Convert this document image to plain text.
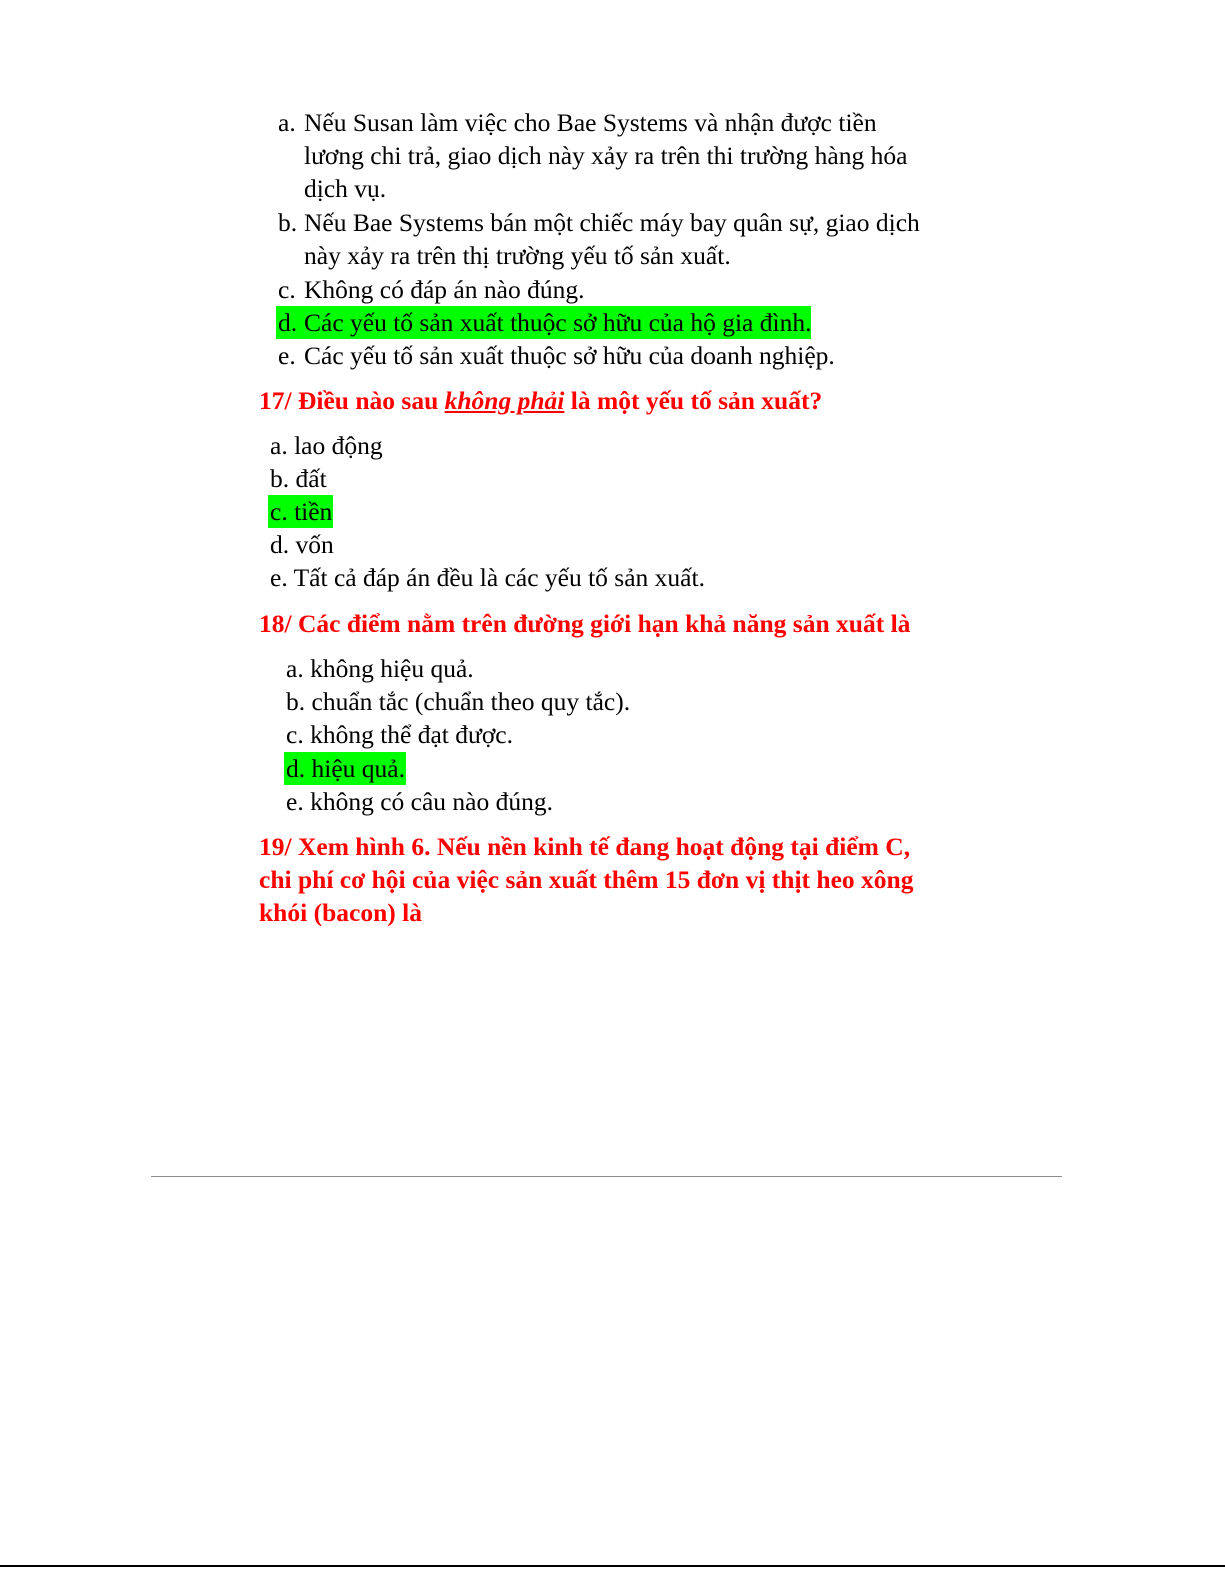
a. Nếu Susan làm việc cho Bae Systems và nhận được tiền
lương chi trả, giao dịch này xảy ra trên thi trường hàng hóa
dịch vụ.
b. Nếu Bae Systems bán một chiếc máy bay quân sự, giao dịch
này xảy ra trên thị trường yếu tố sản xuất.
c. Không có đáp án nào đúng.
d. Các yếu tố sản xuất thuộc sở hữu của hộ gia đình.
e. Các yếu tố sản xuất thuộc sở hữu của doanh nghiệp.
17/ Điều nào sau không phải là một yếu tố sản xuất?
a. lao động
b. đất
c. tiền
d. vốn
e. Tất cả đáp án đều là các yếu tố sản xuất.
18/ Các điểm nằm trên đường giới hạn khả năng sản xuất là
a. không hiệu quả.
b. chuẩn tắc (chuẩn theo quy tắc).
c. không thể đạt được.
d. hiệu quả.
e. không có câu nào đúng.
19/ Xem hình 6. Nếu nền kinh tế đang hoạt động tại điểm C,
chi phí cơ hội của việc sản xuất thêm 15 đơn vị thịt heo xông
khói (bacon) là
